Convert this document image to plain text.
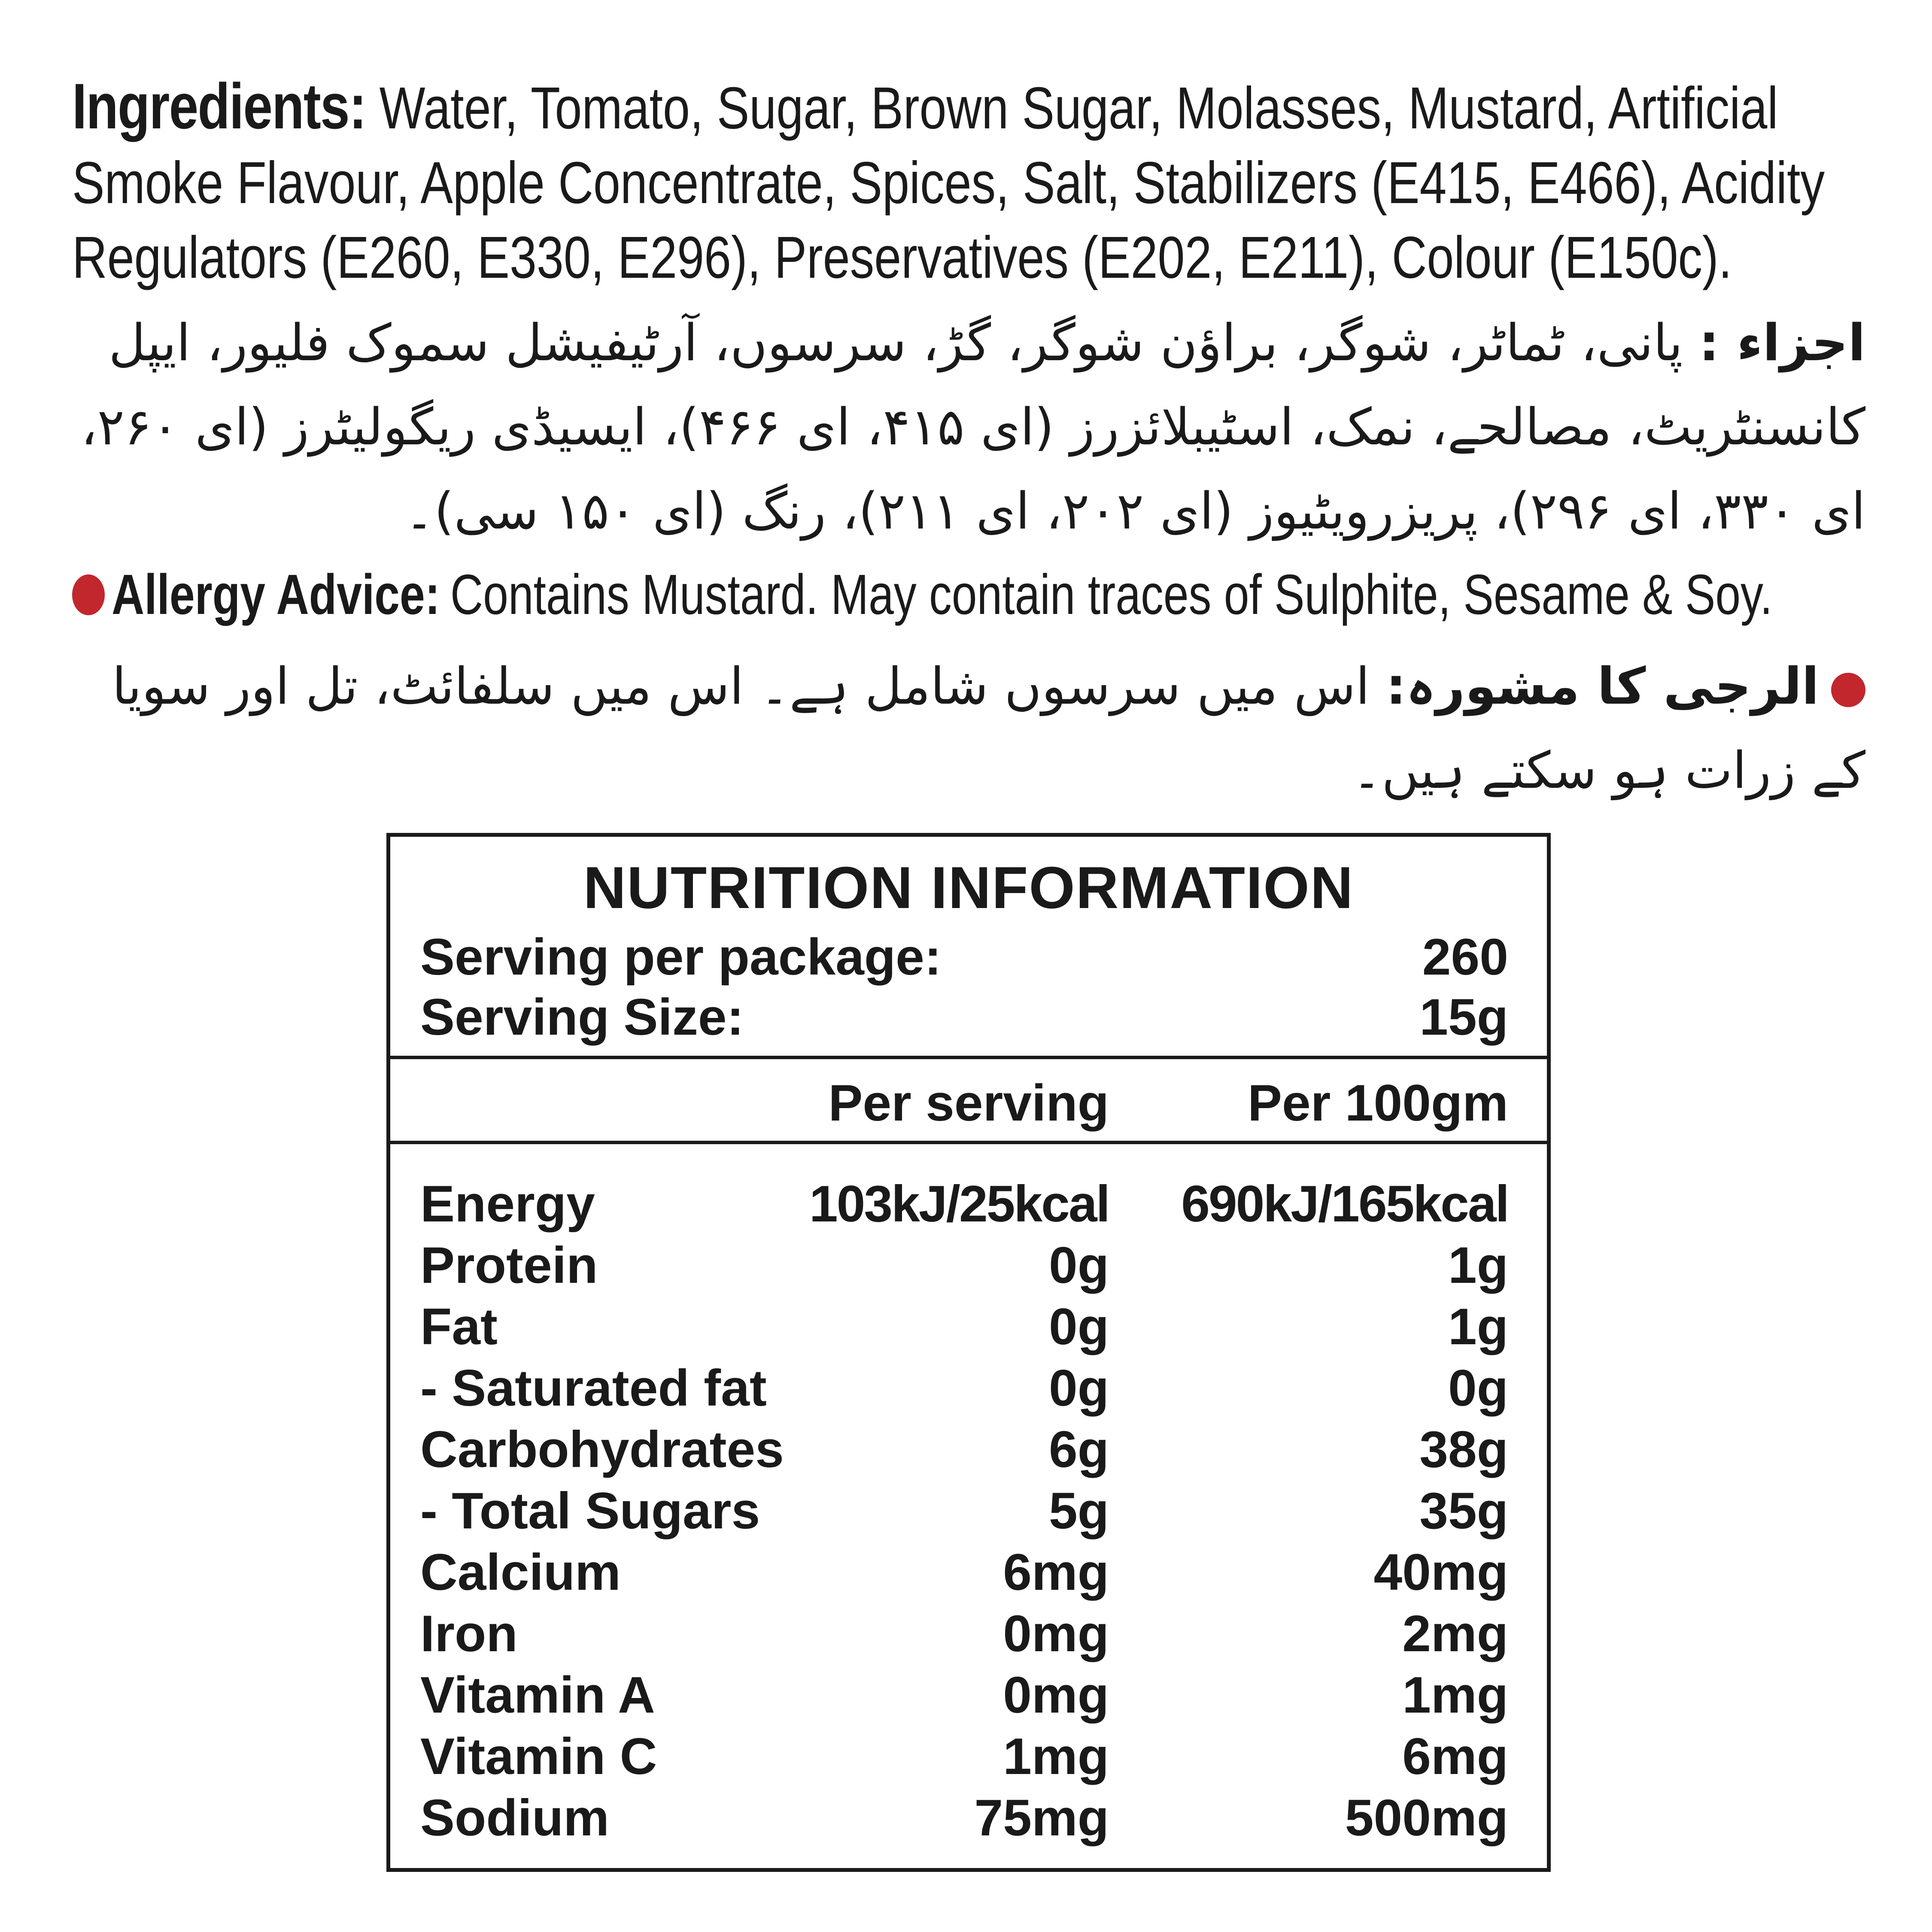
Ingredients: Water, Tomato, Sugar, Brown Sugar, Molasses, Mustard, Artificial Smoke Flavour, Apple Concentrate, Spices, Salt, Stabilizers (E415, E466), Acidity Regulators (E260, E330, E296), Preservatives (E202, E211), Colour (E150c).
اجزاء : پانی، ٹماٹر، شوگر، براؤن شوگر، گڑ، سرسوں، آرٹیفیشل سموک فلیور، ایپل کانسنٹریٹ، مصالحے، نمک، اسٹیبلائزرز (ای ۴۱۵، ای ۴۶۶)، ایسیڈی ریگولیٹرز (ای ۲۶۰، ای ۳۳۰، ای ۲۹۶)، پریزرویٹیوز (ای ۲۰۲، ای ۲۱۱)، رنگ (ای ۱۵۰ سی)۔
Allergy Advice: Contains Mustard. May contain traces of Sulphite, Sesame & Soy.
الرجی کا مشورہ: اس میں سرسوں شامل ہے۔ اس میں سلفائٹ، تل اور سویا کے زرات ہو سکتے ہیں۔
NUTRITION INFORMATION
Serving per package:	260
Serving Size:	15g
Per serving	Per 100gm
Energy	103kJ/25kcal 690kJ/165kcal
Protein	0g	1g
Fat	0g	1g
- Saturated fat	0g	0g
Carbohydrates	6g	38g
- Total Sugars	5g	35g
Calcium	6mg	40mg
Iron	0mg	2mg
Vitamin A	0mg	1mg
Vitamin C	1mg	6mg
Sodium	75mg	500mg
